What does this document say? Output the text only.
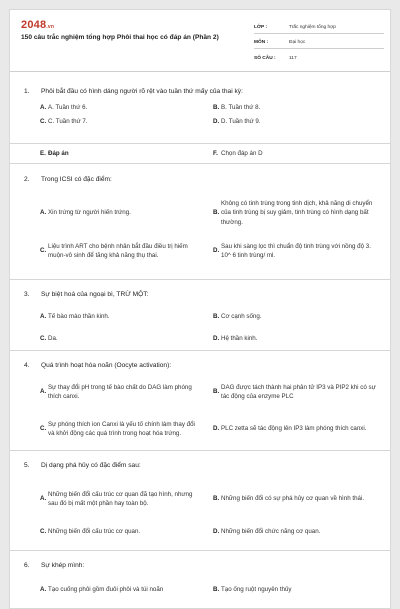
2048.vn
150 câu trắc nghiệm tổng hợp Phôi thai học có đáp án (Phần 2)
LỚP :	Trắc nghiệm tổng hợp
MÔN :	Đại học
SỐ CÂU :	117
1.	Phôi bắt đầu có hình dáng người rõ rệt vào tuần thứ mấy của thai kỳ:
A. A. Tuần thứ 6.	B. B. Tuần thứ 8.
C. C. Tuần thứ 7.	D. D. Tuần thứ 9.
E. Đáp án	F. Chọn đáp án D
2.	Trong ICSI có đặc điểm:
A. Xin trứng từ người hiến trứng.	B.
Không có tinh trùng trong tinh dịch, khả năng di chuyển của tinh trùng bị suy giảm, tinh trùng có hình dạng bất thường.
C.
Liệu trình ART cho bệnh nhân bắt đầu điều trị hiếm muộn-vô sinh để tăng khả năng thụ thai.
D.
Sau khi sàng lọc thì chuẩn độ tinh trùng với nồng độ 3. 10^ 6 tinh trùng/ ml.
3.	Sự biệt hoá của ngoại bì, TRỪ MỘT:
A. Tế bào mào thần kinh.	B. Cơ cạnh sống.
C. Da.	D. Hệ thần kinh.
4.	Quá trình hoạt hóa noãn (Oocyte activation):
A.
Sự thay đổi pH trong tế bào chất do DAG làm phóng thích canxi.
B.
DAG được tách thành hai phân tử IP3 và PIP2 khi có sự tác động của enzyme PLC
C.
Sự phóng thích ion Canxi là yếu tố chính làm thay đổi và khởi động các quá trình trong hoạt hóa trứng.
D. PLC zetta sẽ tác động lên IP3 làm phóng thích canxi.
5.	Dị dạng phá hủy có đặc điểm sau:
A.
Những biến đổi cấu trúc cơ quan đã tạo hình, nhưng sau đó bị mất một phần hay toàn bộ.
B. Những biến đổi có sự phá hủy cơ quan về hình thái.
C. Những biến đổi cấu trúc cơ quan.	D. Những biến đổi chức năng cơ quan.
6.	Sự khép mình:
A. Tạo cuống phôi gồm đuôi phôi và túi noãn	B. Tạo ống ruột nguyên thủy
